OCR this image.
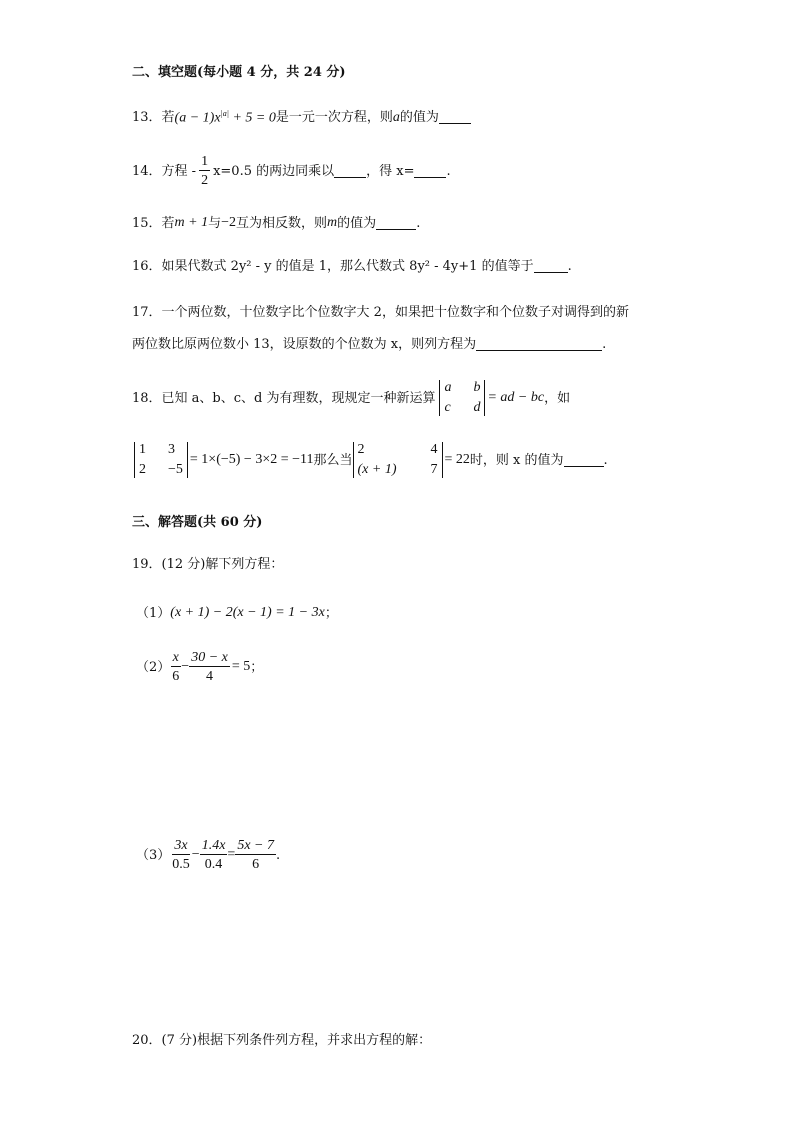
二、填空题(每小题 4 分，共 24 分)
13．若 $(a - 1)x^{|a|} + 5 = 0$ 是一元一次方程，则 a 的值为
14．方程 - $\frac{1}{2} x=0.5$ 的两边同乘以 ，得 x= .
15．若 m + 1 与 −2 互为相反数，则 m 的值为	.
16．如果代数式 2y² - y 的值是 1，那么代数式 8y² - 4y+1 的值等于	.
17．一个两位数，十位数字比个位数字大 2，如果把十位数字和个位数子对调得到的新
两位数比原两位数小 13，设原数的个位数为 x，则列方程为	.
18．已知 a、b、c、d 为有理数，现规定一种新运算
a b
c d
= ad − bc ，如
1 3
2 −5
= 1×(−5) − 3×2 = −11 那么当
2	4
(x + 1) 7
= 22 时，则 x 的值为	.
三、解答题(共 60 分)
19．(12 分)解下列方程：
（1） (x + 1) − 2(x − 1) = 1 − 3x ；
$(2) \frac{x}{6} - \frac{30 - x}{4} = 5$ ；
$(3) \frac{3x}{0.5} - \frac{1.4x}{0.4} = \frac{5x - 7}{6}$ .
20．(7 分)根据下列条件列方程，并求出方程的解：
